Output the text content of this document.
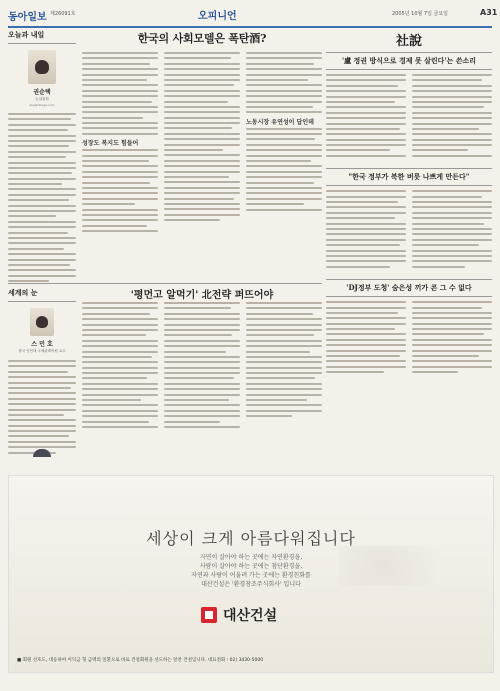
동아일보 제26091호	오피니언	2005년 10월 7일 금요일	A31
오늘과 내일
권순택
논설위원
jkw@donga.com
한국의 사회모델은 폭탄酒?
성장도 복지도 힘들어
노동시장 유연성이 답인데
세계의 눈
스 민 호
중국 인민대 국제관계학원 교수
'평먼고 알먹기' 北전략 퍼뜨어야
社說
'盧 정권 방식으로 경제 못 살린다'는 쓴소리
"한국 정부가 북한 버릇 나쁘게 만든다"
'DJ정부 도청' 숨은성 끼가 콘 그 수 없다
세상이 크게 아름다워집니다
자연이 살아야 하는 곳에는 자연환경을,
사람이 살아야 하는 곳에는 첨단환경을,
자연과 사람이 어울려 가는 곳에는 환경친화를
대산건설은 '환경창조주식회사' 입니다
대산건설
■ 회원 선호도, 대응하여 이익금 형 금액의 일환으로 바로 건설회원을 선도하는 알찬 건설입니다. 대표전화 : 02) 3430-5000
